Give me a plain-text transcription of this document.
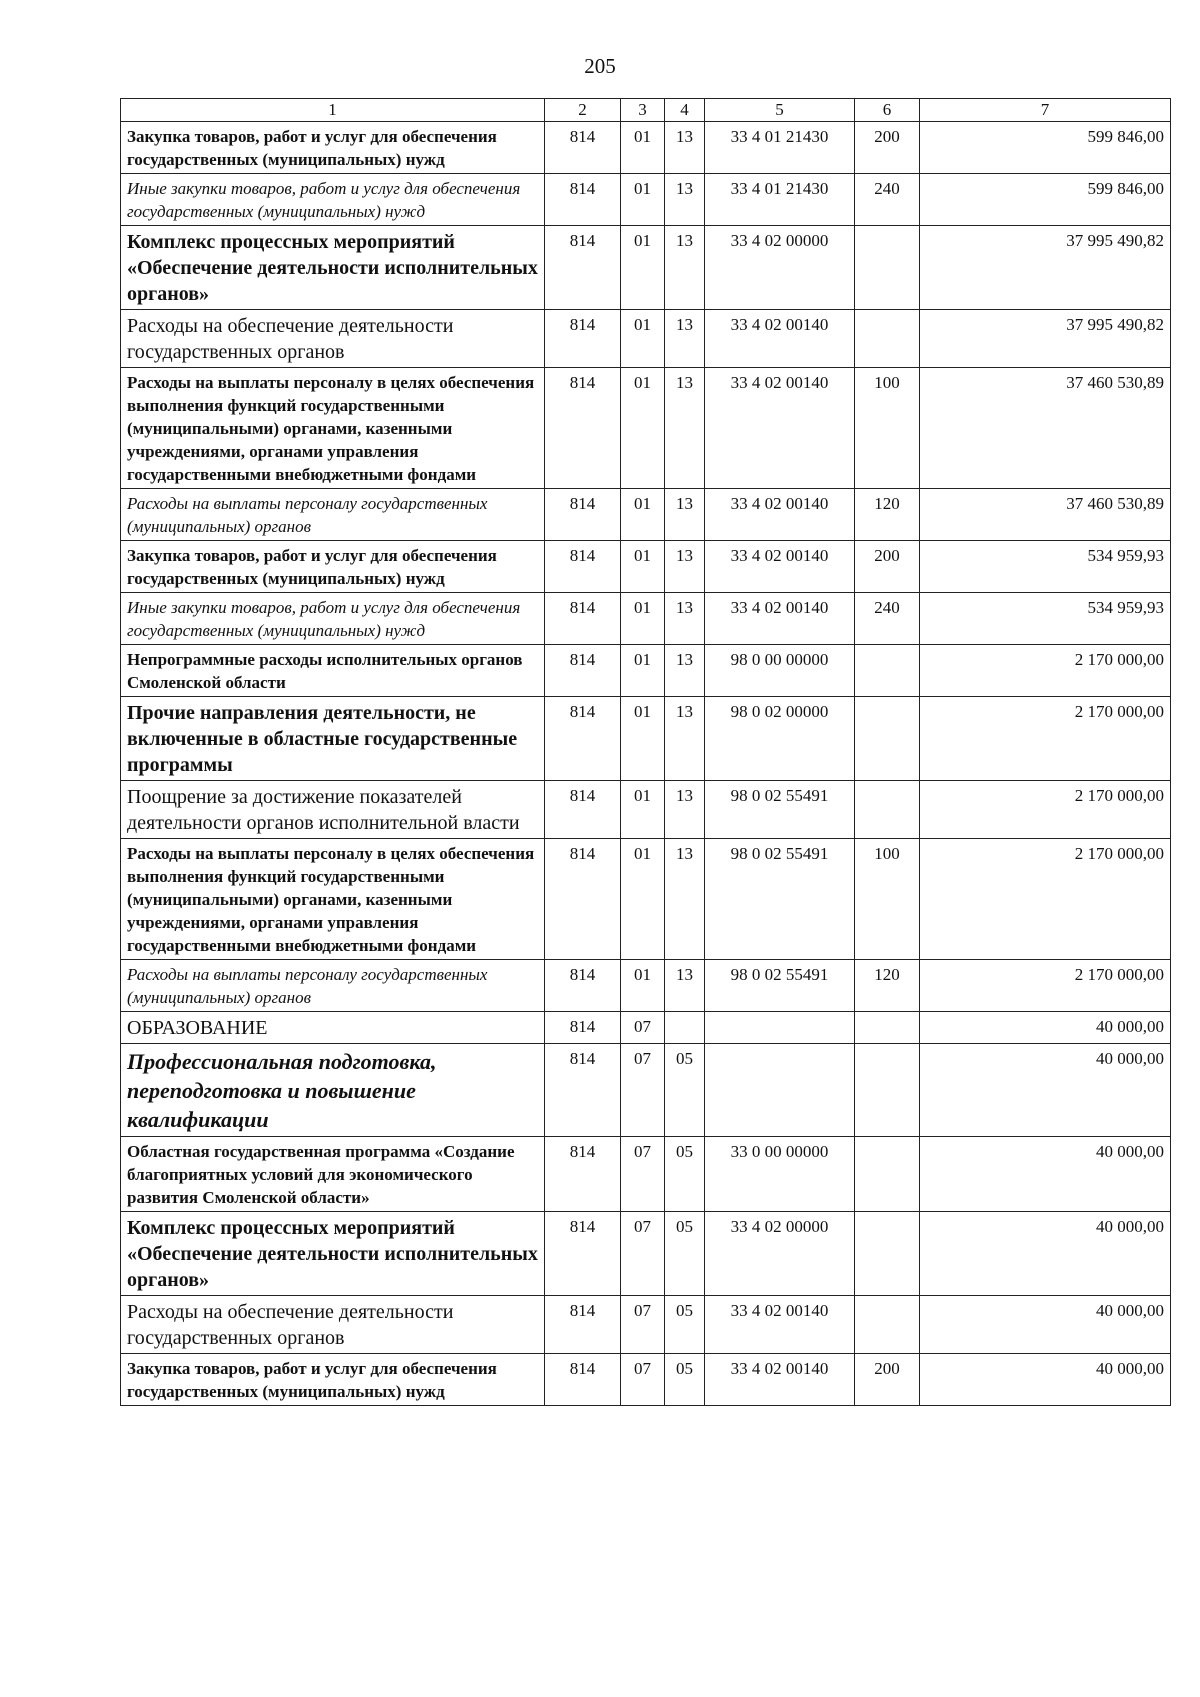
205
1	2	3	4	5	6	7
Закупка товаров, работ и услуг для обеспечения государственных (муниципальных) нужд	814	01	13	33 4 01 21430	200	599 846,00
Иные закупки товаров, работ и услуг для обеспечения государственных (муниципальных) нужд	814	01	13	33 4 01 21430	240	599 846,00
Комплекс процессных мероприятий «Обеспечение деятельности исполнительных органов»	814	01	13	33 4 02 00000		37 995 490,82
Расходы на обеспечение деятельности государственных органов	814	01	13	33 4 02 00140		37 995 490,82
Расходы на выплаты персоналу в целях обеспечения выполнения функций государственными (муниципальными) органами, казенными учреждениями, органами управления государственными внебюджетными фондами	814	01	13	33 4 02 00140	100	37 460 530,89
Расходы на выплаты персоналу государственных (муниципальных) органов	814	01	13	33 4 02 00140	120	37 460 530,89
Закупка товаров, работ и услуг для обеспечения государственных (муниципальных) нужд	814	01	13	33 4 02 00140	200	534 959,93
Иные закупки товаров, работ и услуг для обеспечения государственных (муниципальных) нужд	814	01	13	33 4 02 00140	240	534 959,93
Непрограммные расходы исполнительных органов Смоленской области	814	01	13	98 0 00 00000		2 170 000,00
Прочие направления деятельности, не включенные в областные государственные программы	814	01	13	98 0 02 00000		2 170 000,00
Поощрение за достижение показателей деятельности органов исполнительной власти	814	01	13	98 0 02 55491		2 170 000,00
Расходы на выплаты персоналу в целях обеспечения выполнения функций государственными (муниципальными) органами, казенными учреждениями, органами управления государственными внебюджетными фондами	814	01	13	98 0 02 55491	100	2 170 000,00
Расходы на выплаты персоналу государственных (муниципальных) органов	814	01	13	98 0 02 55491	120	2 170 000,00
ОБРАЗОВАНИЕ	814	07				40 000,00
Профессиональная подготовка, переподготовка и повышение квалификации	814	07	05			40 000,00
Областная государственная программа «Создание благоприятных условий для экономического развития Смоленской области»	814	07	05	33 0 00 00000		40 000,00
Комплекс процессных мероприятий «Обеспечение деятельности исполнительных органов»	814	07	05	33 4 02 00000		40 000,00
Расходы на обеспечение деятельности государственных органов	814	07	05	33 4 02 00140		40 000,00
Закупка товаров, работ и услуг для обеспечения государственных (муниципальных) нужд	814	07	05	33 4 02 00140	200	40 000,00
